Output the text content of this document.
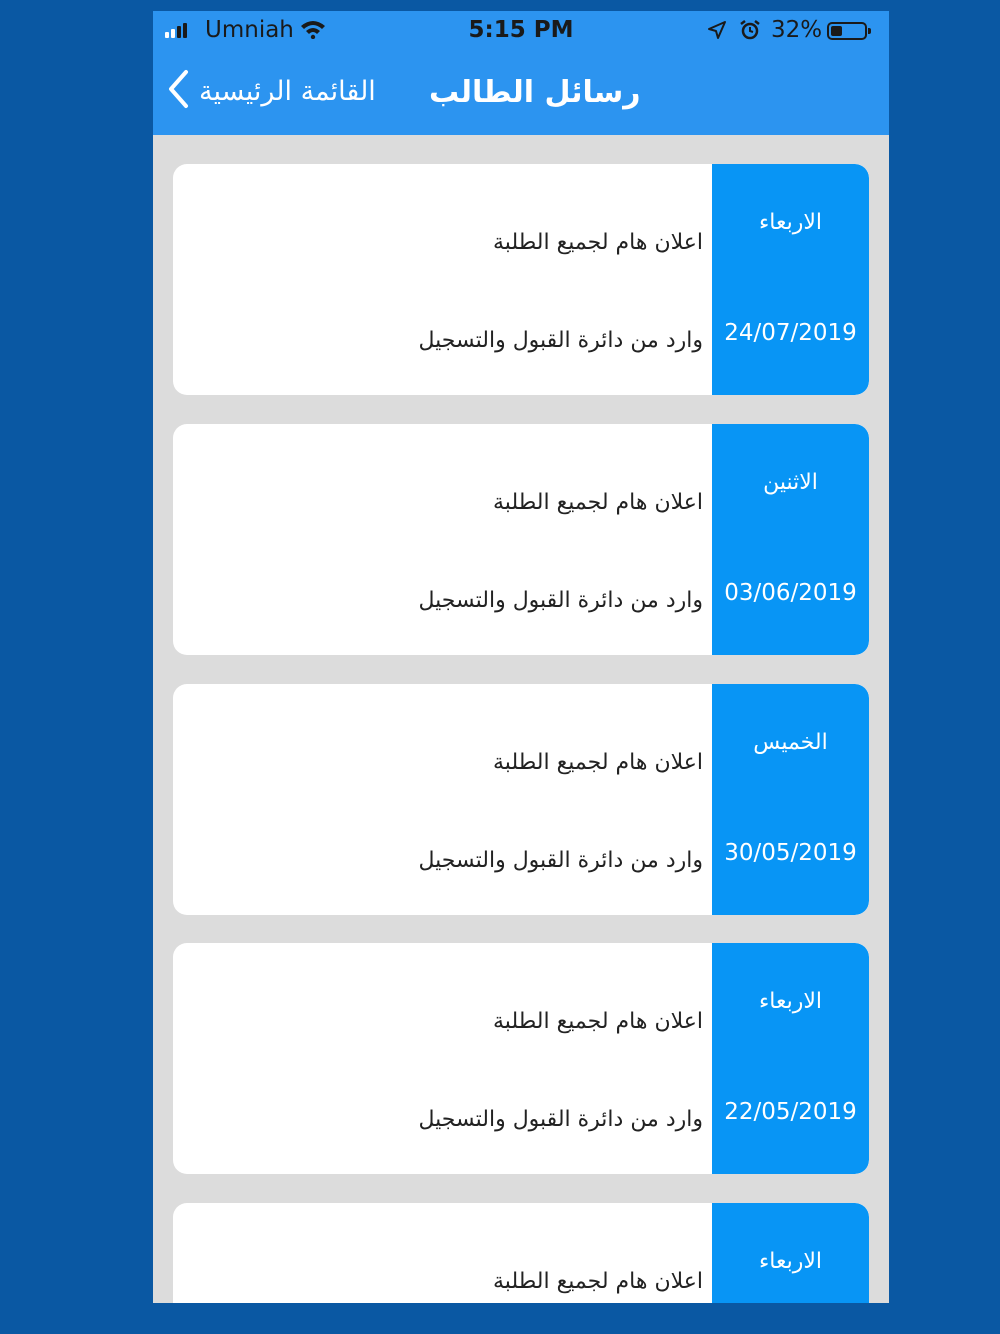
Umniah	5:15 PM	32%
القائمة الرئيسية رسائل الطالب
اعلان هام لجميع الطلبة
وارد من دائرة القبول والتسجيل
الاربعاء
24/07/2019
اعلان هام لجميع الطلبة
وارد من دائرة القبول والتسجيل
الاثنين
03/06/2019
اعلان هام لجميع الطلبة
وارد من دائرة القبول والتسجيل
الخميس
30/05/2019
اعلان هام لجميع الطلبة
وارد من دائرة القبول والتسجيل
الاربعاء
22/05/2019
اعلان هام لجميع الطلبة
الاربعاء
